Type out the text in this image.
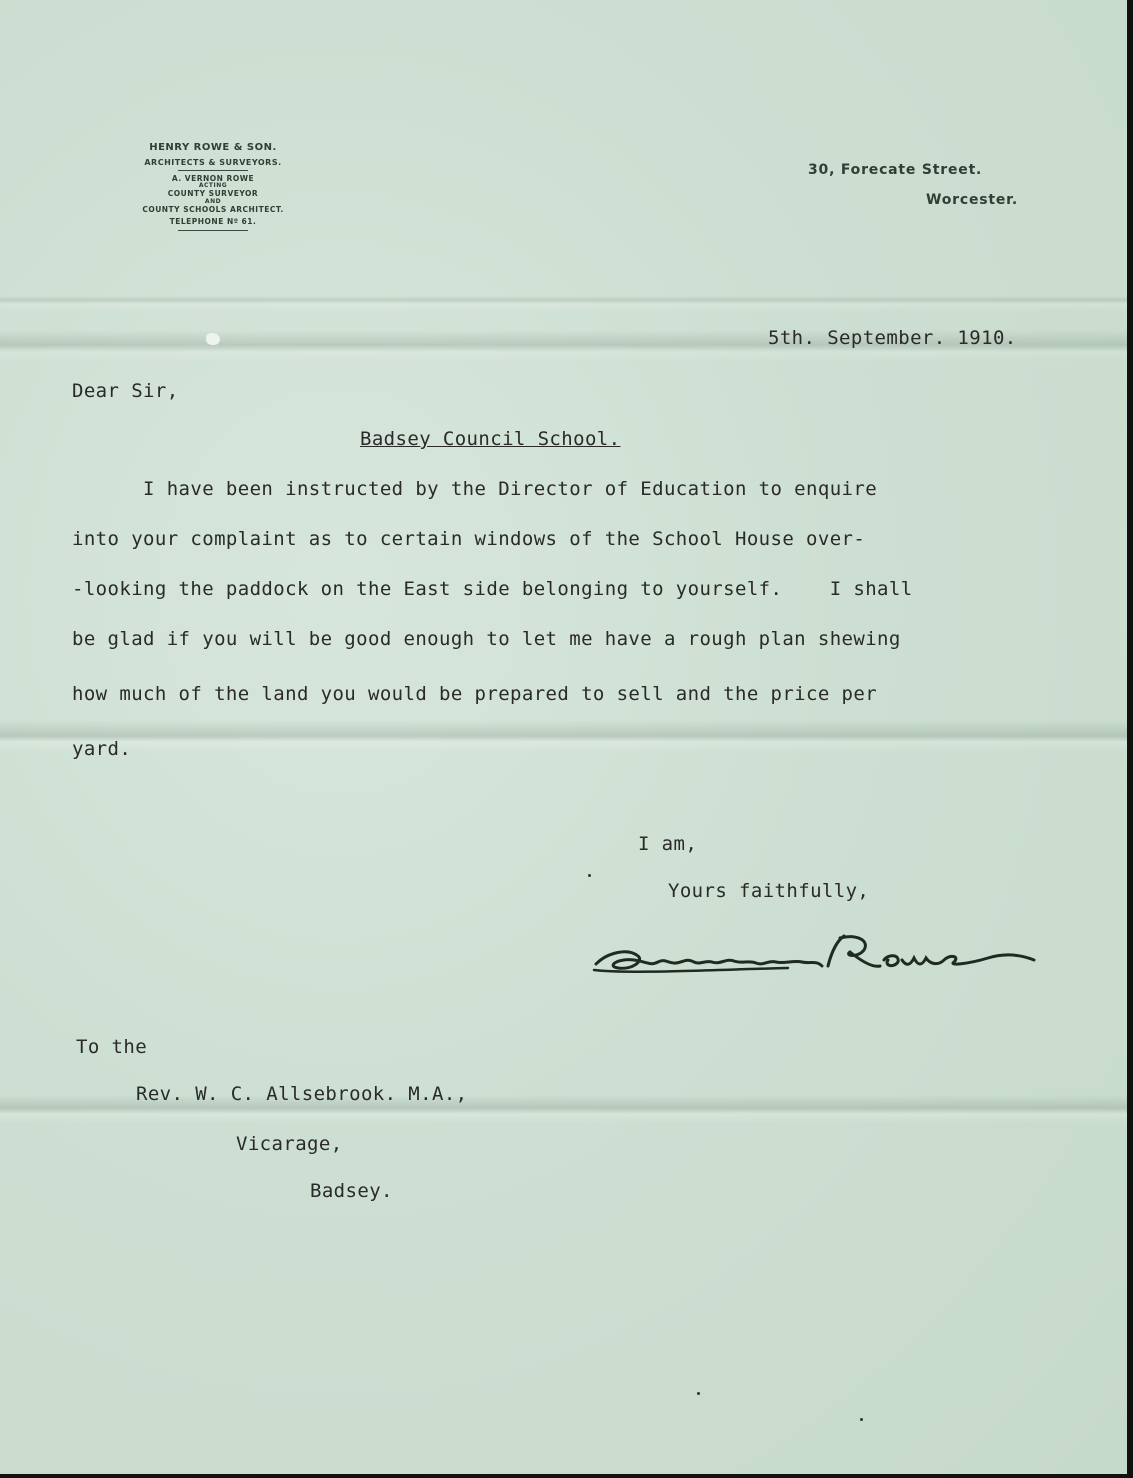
HENRY ROWE & SON.
ARCHITECTS & SURVEYORS.
A. VERNON ROWE
ACTING
COUNTY SURVEYOR
AND
COUNTY SCHOOLS ARCHITECT.
TELEPHONE Nº 61.
30, Forecate Street.
Worcester.
5th. September. 1910.
Dear Sir,
Badsey Council School.
I have been instructed by the Director of Education to enquire
into your complaint as to certain windows of the School House over-
-looking the paddock on the East side belonging to yourself.    I shall
be glad if you will be good enough to let me have a rough plan shewing
how much of the land you would be prepared to sell and the price per
yard.
I am,
Yours faithfully,
To the
Rev. W. C. Allsebrook. M.A.,
Vicarage,
Badsey.
